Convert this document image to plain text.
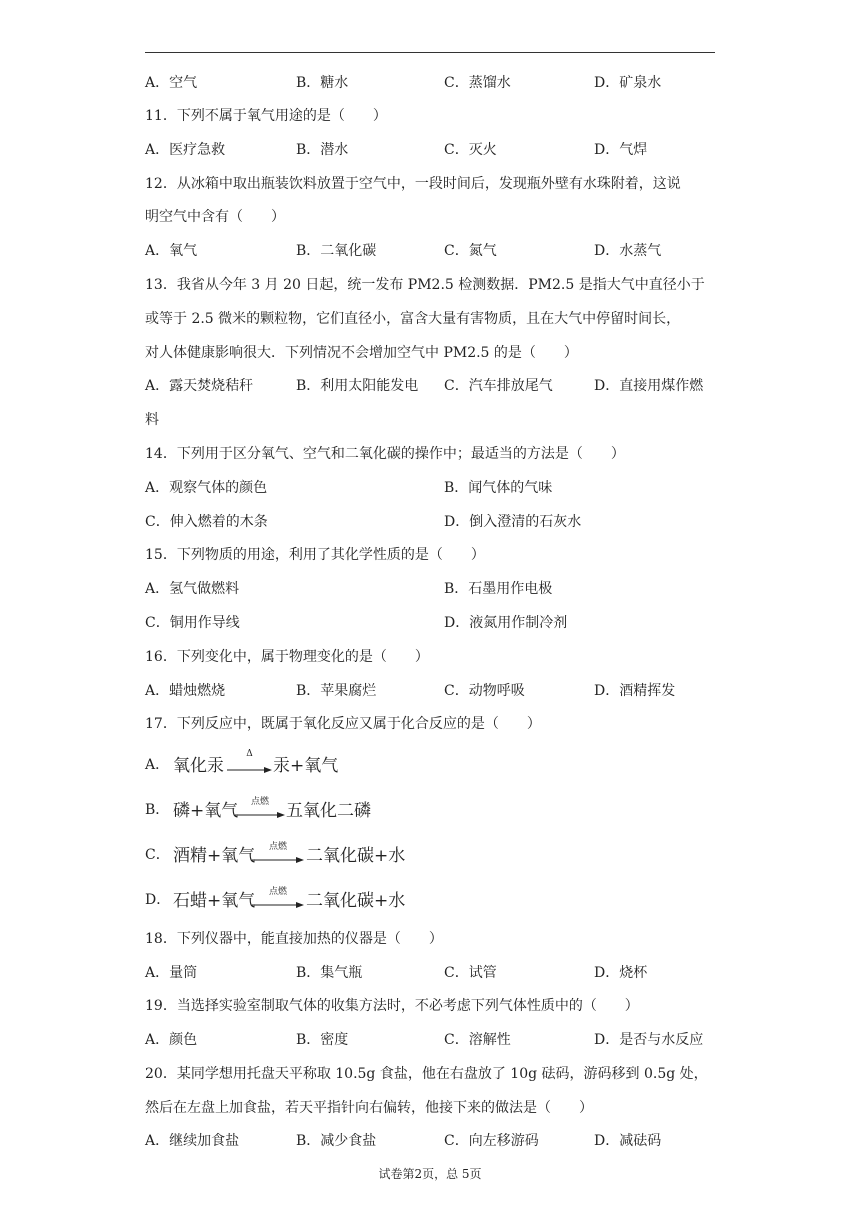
A．空气	B．糖水	C．蒸馏水	D．矿泉水
11．下列不属于氧气用途的是（　　）
A．医疗急救	B．潜水	C．灭火	D．气焊
12．从冰箱中取出瓶装饮料放置于空气中，一段时间后，发现瓶外壁有水珠附着，这说
明空气中含有（　　）
A．氧气	B．二氧化碳	C．氮气	D．水蒸气
13．我省从今年 3 月 20 日起，统一发布 PM2.5 检测数据．PM2.5 是指大气中直径小于
或等于 2.5 微米的颗粒物，它们直径小，富含大量有害物质，且在大气中停留时间长，
对人体健康影响很大．下列情况不会增加空气中 PM2.5 的是（　　）
A．露天焚烧秸秆	B．利用太阳能发电 C．汽车排放尾气	D．直接用煤作燃
料
14．下列用于区分氧气、空气和二氧化碳的操作中；最适当的方法是（　　）
A．观察气体的颜色	B．闻气体的气味
C．伸入燃着的木条	D．倒入澄清的石灰水
15．下列物质的用途，利用了其化学性质的是（　　）
A．氢气做燃料	B．石墨用作电极
C．铜用作导线	D．液氮用作制冷剂
16．下列变化中，属于物理变化的是（　　）
A．蜡烛燃烧	B．苹果腐烂	C．动物呼吸	D．酒精挥发
17．下列反应中，既属于氧化反应又属于化合反应的是（　　）
A． 氧化汞
Δ
汞+氧气
B． 磷+氧气	点燃	五氧化二磷
C． 酒精+氧气	点燃	二氧化碳+水
D． 石蜡+氧气	点燃	二氧化碳+水
18．下列仪器中，能直接加热的仪器是（　　）
A．量筒	B．集气瓶	C．试管	D．烧杯
19．当选择实验室制取气体的收集方法时，不必考虑下列气体性质中的（　　）
A．颜色	B．密度	C．溶解性	D．是否与水反应
20．某同学想用托盘天平称取 10.5g 食盐，他在右盘放了 10g 砝码，游码移到 0.5g 处，
然后在左盘上加食盐，若天平指针向右偏转，他接下来的做法是（　　）
A．继续加食盐	B．减少食盐	C．向左移游码	D．减砝码
试卷第2页，总 5页
